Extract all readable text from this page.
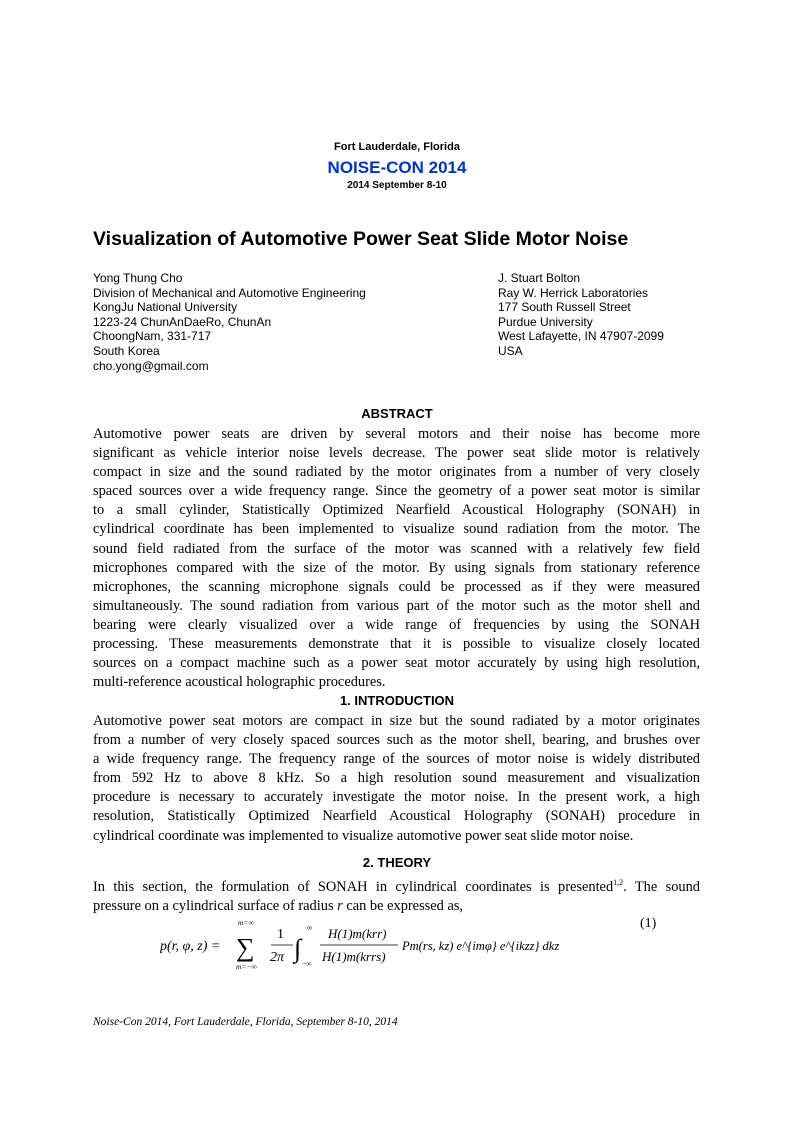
Fort Lauderdale, Florida
NOISE-CON 2014
2014 September 8-10
Visualization of Automotive Power Seat Slide Motor Noise
Yong Thung Cho
Division of Mechanical and Automotive Engineering
KongJu National University
1223-24 ChunAnDaeRo, ChunAn
ChoongNam, 331-717
South Korea
cho.yong@gmail.com
J. Stuart Bolton
Ray W. Herrick Laboratories
177 South Russell Street
Purdue University
West Lafayette, IN 47907-2099
USA
ABSTRACT
Automotive power seats are driven by several motors and their noise has become more
significant as vehicle interior noise levels decrease. The power seat slide motor is relatively
compact in size and the sound radiated by the motor originates from a number of very closely
spaced sources over a wide frequency range. Since the geometry of a power seat motor is similar
to a small cylinder, Statistically Optimized Nearfield Acoustical Holography (SONAH) in
cylindrical coordinate has been implemented to visualize sound radiation from the motor. The
sound field radiated from the surface of the motor was scanned with a relatively few field
microphones compared with the size of the motor. By using signals from stationary reference
microphones, the scanning microphone signals could be processed as if they were measured
simultaneously. The sound radiation from various part of the motor such as the motor shell and
bearing were clearly visualized over a wide range of frequencies by using the SONAH
processing. These measurements demonstrate that it is possible to visualize closely located
sources on a compact machine such as a power seat motor accurately by using high resolution,
multi-reference acoustical holographic procedures.
1. INTRODUCTION
Automotive power seat motors are compact in size but the sound radiated by a motor originates
from a number of very closely spaced sources such as the motor shell, bearing, and brushes over
a wide frequency range. The frequency range of the sources of motor noise is widely distributed
from 592 Hz to above 8 kHz. So a high resolution sound measurement and visualization
procedure is necessary to accurately investigate the motor noise. In the present work, a high
resolution, Statistically Optimized Nearfield Acoustical Holography (SONAH) procedure in
cylindrical coordinate was implemented to visualize automotive power seat slide motor noise.
2. THEORY
In this section, the formulation of SONAH in cylindrical coordinates is presented$^{1,2}$. The sound
pressure on a cylindrical surface of radius r can be expressed as,
p(r, φ, z) =
m=∞
∑
m=−∞
1
2π ∫
∞
−∞
H(1)m(krr)
H(1)m(krrs)
Pm(rs, kz) e^{imφ} e^{ikzz} dkz
(1)
Noise-Con 2014, Fort Lauderdale, Florida, September 8-10, 2014
